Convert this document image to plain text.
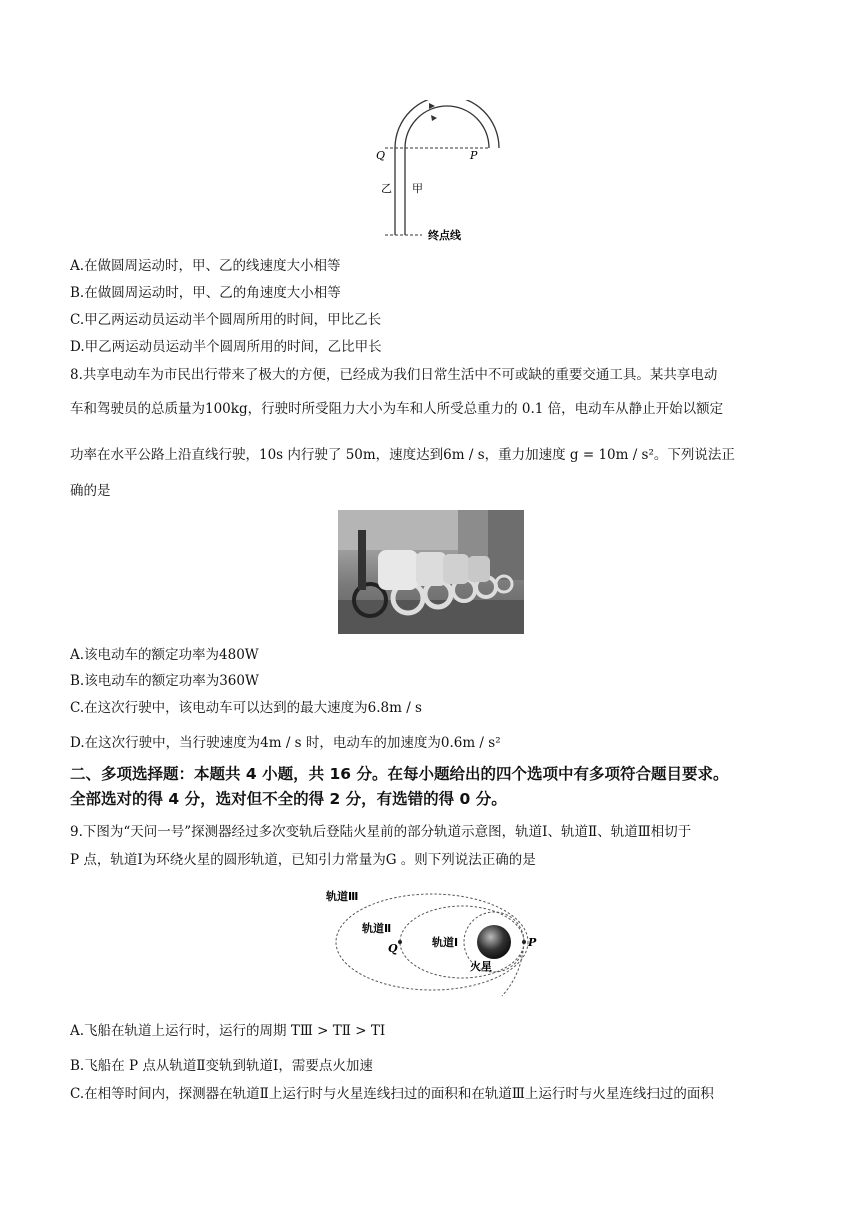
Q	P
乙 甲
终点线
A.在做圆周运动时，甲、乙的线速度大小相等
B.在做圆周运动时，甲、乙的角速度大小相等
C.甲乙两运动员运动半个圆周所用的时间，甲比乙长
D.甲乙两运动员运动半个圆周所用的时间，乙比甲长
8.共享电动车为市民出行带来了极大的方便，已经成为我们日常生活中不可或缺的重要交通工具。某共享电动
车和驾驶员的总质量为100kg，行驶时所受阻力大小为车和人所受总重力的 0.1 倍，电动车从静止开始以额定
功率在水平公路上沿直线行驶，10s 内行驶了 50m，速度达到6m / s，重力加速度 g = 10m / s²。下列说法正
确的是
A.该电动车的额定功率为480W
B.该电动车的额定功率为360W
C.在这次行驶中，该电动车可以达到的最大速度为6.8m / s
D.在这次行驶中，当行驶速度为4m / s 时，电动车的加速度为0.6m / s²
二、多项选择题：本题共 4 小题，共 16 分。在每小题给出的四个选项中有多项符合题目要求。
全部选对的得 4 分，选对但不全的得 2 分，有选错的得 0 分。
9.下图为“天问一号”探测器经过多次变轨后登陆火星前的部分轨道示意图，轨道Ⅰ、轨道Ⅱ、轨道Ⅲ相切于
P 点，轨道Ⅰ为环绕火星的圆形轨道，已知引力常量为G 。则下列说法正确的是
轨道Ⅲ
轨道Ⅱ
轨道Ⅰ
Q	P
火星
A.飞船在轨道上运行时，运行的周期 TⅢ > TⅡ > TⅠ
B.飞船在 P 点从轨道Ⅱ变轨到轨道Ⅰ，需要点火加速
C.在相等时间内，探测器在轨道Ⅱ上运行时与火星连线扫过的面积和在轨道Ⅲ上运行时与火星连线扫过的面积
